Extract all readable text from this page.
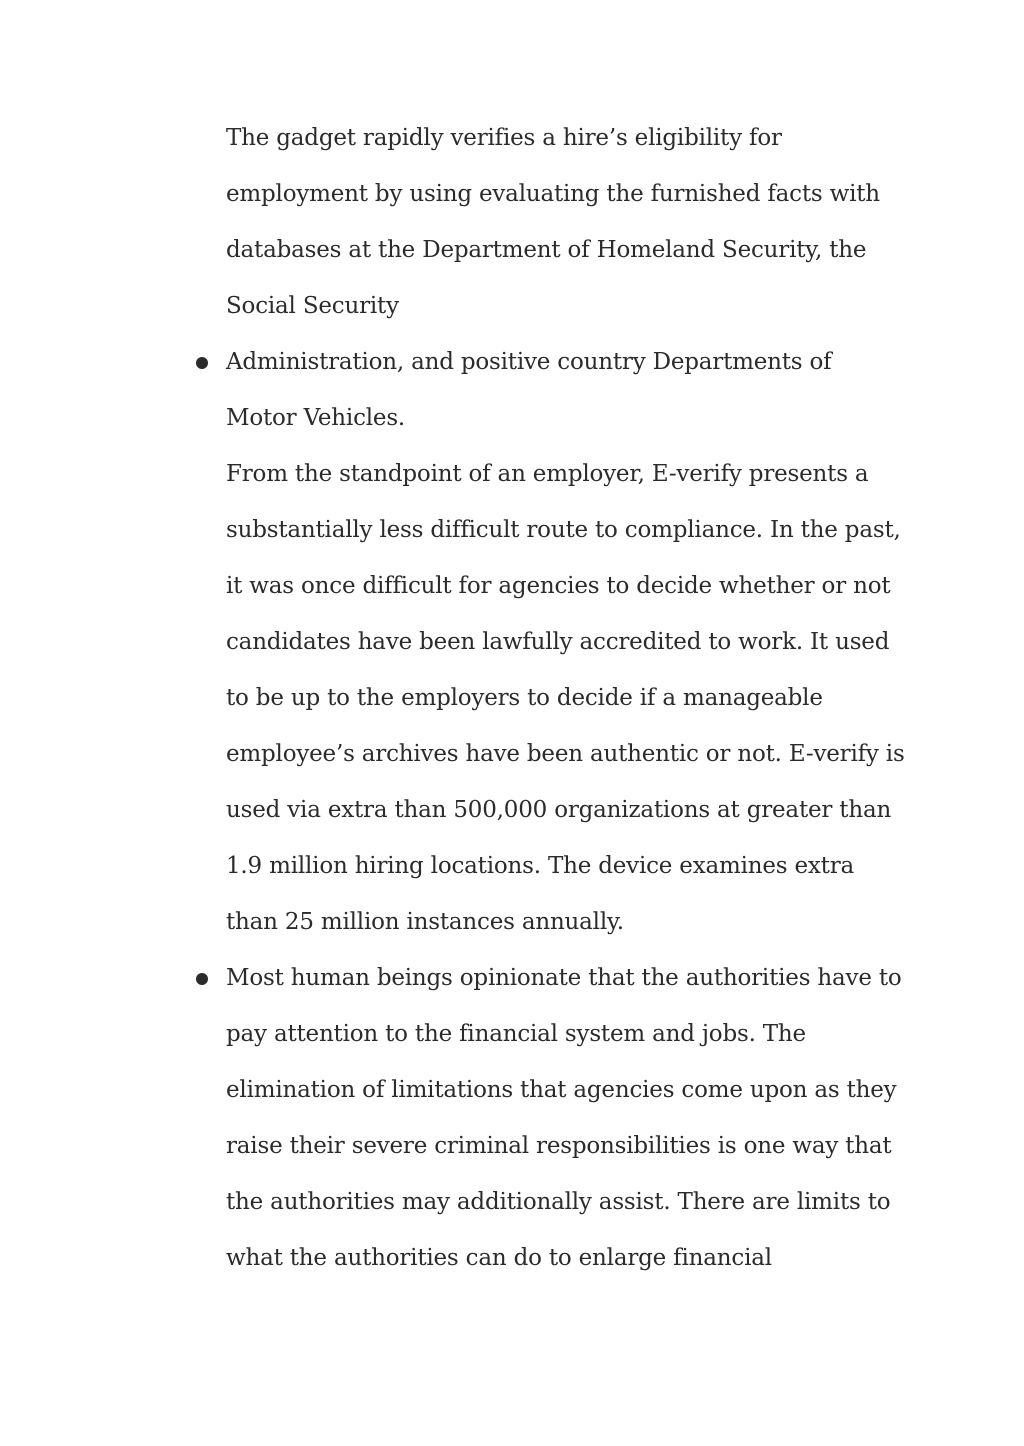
The gadget rapidly verifies a hire’s eligibility for
employment by using evaluating the furnished facts with
databases at the Department of Homeland Security, the
Social Security
Administration, and positive country Departments of
Motor Vehicles.
From the standpoint of an employer, E-verify presents a
substantially less difficult route to compliance. In the past,
it was once difficult for agencies to decide whether or not
candidates have been lawfully accredited to work. It used
to be up to the employers to decide if a manageable
employee’s archives have been authentic or not. E-verify is
used via extra than 500,000 organizations at greater than
1.9 million hiring locations. The device examines extra
than 25 million instances annually.
Most human beings opinionate that the authorities have to
pay attention to the financial system and jobs. The
elimination of limitations that agencies come upon as they
raise their severe criminal responsibilities is one way that
the authorities may additionally assist. There are limits to
what the authorities can do to enlarge financial
